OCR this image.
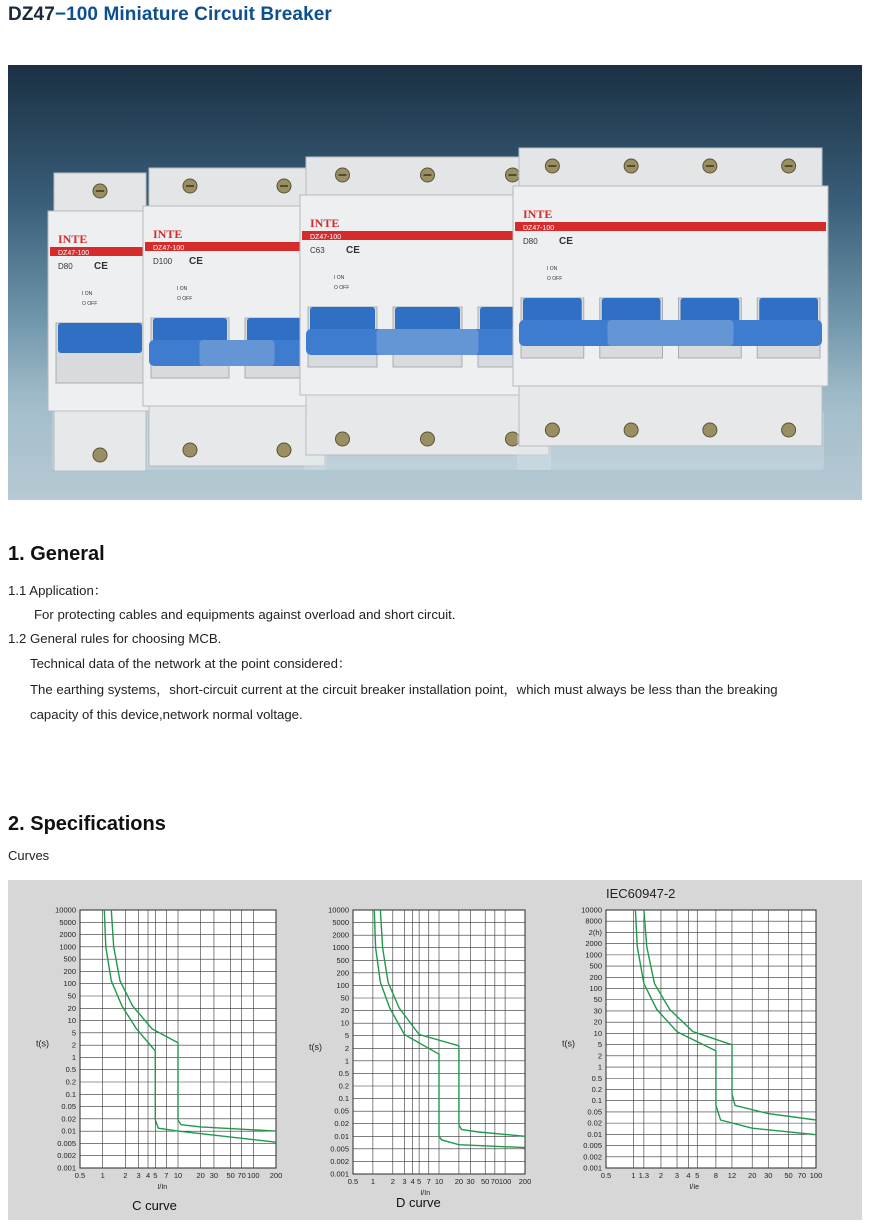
DZ47−100 Miniature Circuit Breaker
INTE
DZ47-100
D80 CE
I ON
O OFF
INTE
DZ47-100
D100 CE
I ON
O OFF
INTE
DZ47-100
C63 CE
I ON
O OFF
INTE
DZ47-100
D80 CE
I ON
O OFF
1. General

1.1 Application：

For protecting cables and equipments against overload and short circuit.

1.2 General rules for choosing MCB.

Technical data of the network at the point considered：

The earthing systems，short-circuit current at the circuit breaker installation point，which must always be less than the breaking

capacity of this device,network normal voltage.

2. Specifications
Curves
IEC60947-2
10000
5000
2000
1000
500
200
100
50
20
10
5
2
1
0.5
0.2
0.1
0.05
0.02
0.01
0.005
0.002
0.001
0.5 1 2 3 4 5 7 10 20 30 50 70 100 200
t(s)
I/In
C curve
10000
5000
2000
1000
500
200
100
50
20
10
5
2
1
0.5
0.2
0.1
0.05
0.02
0.01
0.005
0.002
0.001
0.5 1 2 3 4 5 7 10 20 30 50 70 100 200
t(s)
I/In
D curve
10000
8000
2(h)
2000
1000
500
200
100
50
30
20
10
5
2
1
0.5
0.2
0.1
0.05
0.02
0.01
0.005
0.002
0.001
0.5	1 1.3 2 3 4 5 8 12 20 30 50 70 100
t(s)
I/Ie
